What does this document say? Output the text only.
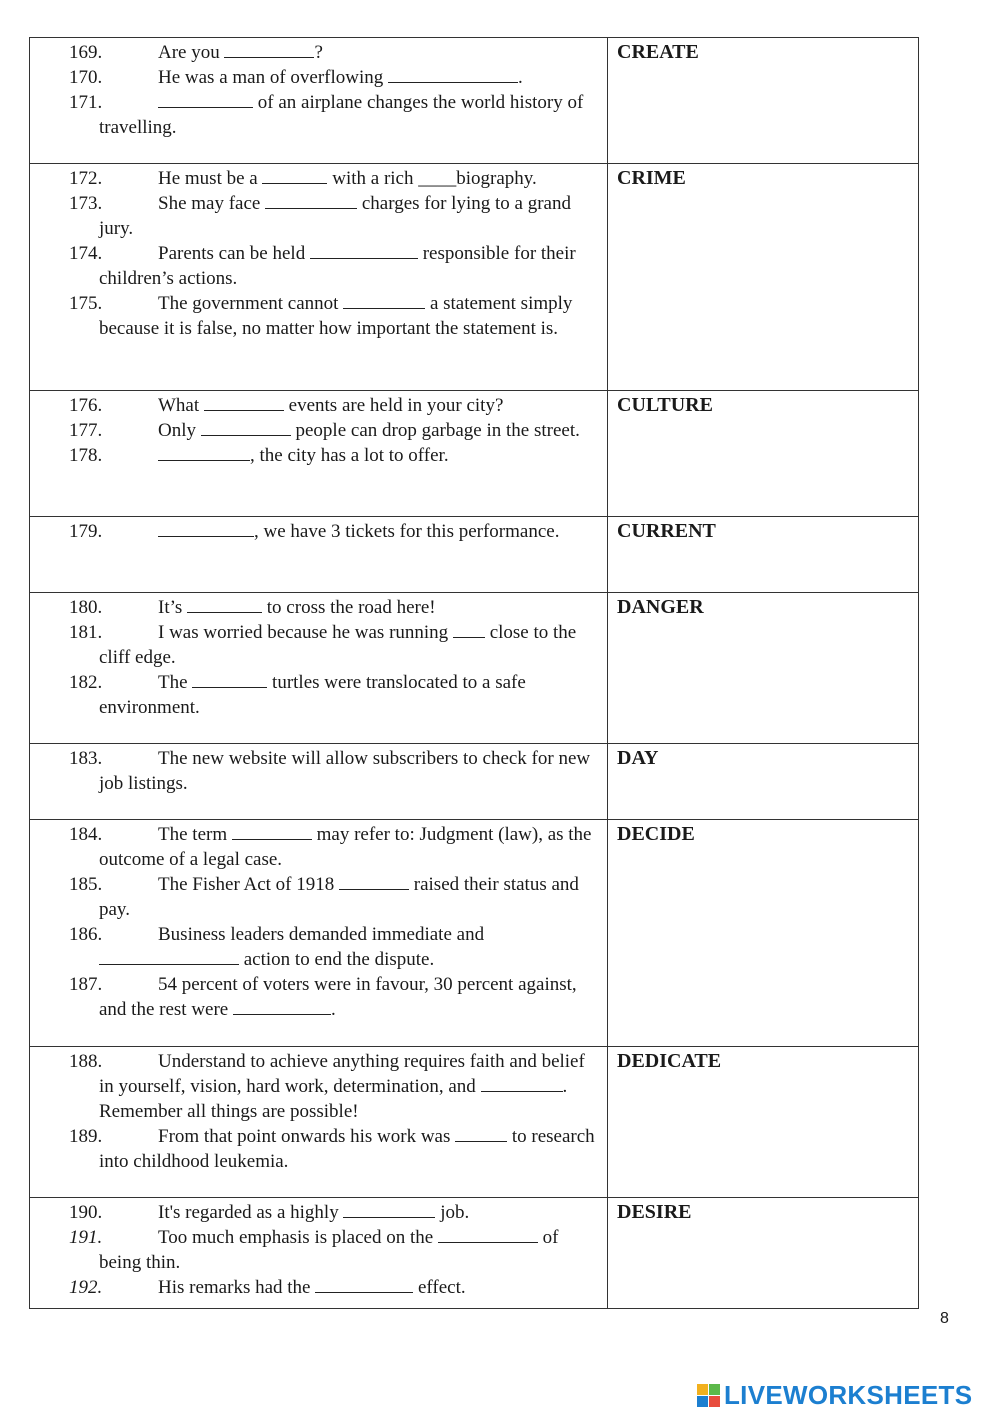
169. Are you ?
170. He was a man of overflowing .
171. of an airplane changes the world history of travelling.	CREATE

172. He must be a with a rich ____biography.
173. She may face charges for lying to a grand jury.
174. Parents can be held responsible for their children’s actions.
175. The government cannot a statement simply because it is false, no matter how important the statement is.	CRIME

176. What events are held in your city?
177. Only people can drop garbage in the street.
178. , the city has a lot to offer.	CULTURE

179. , we have 3 tickets for this performance.	CURRENT

180. It’s to cross the road here!
181. I was worried because he was running close to the cliff edge.
182. The turtles were translocated to a safe environment.	DANGER

183. The new website will allow subscribers to check for new job listings.	DAY

184. The term may refer to: Judgment (law), as the outcome of a legal case.
185. The Fisher Act of 1918 raised their status and pay.
186. Business leaders demanded immediate and  action to end the dispute.
187. 54 percent of voters were in favour, 30 percent against, and the rest were .	DECIDE

188. Understand to achieve anything requires faith and belief in yourself, vision, hard work, determination, and . Remember all things are possible!
189. From that point onwards his work was to research into childhood leukemia.	DEDICATE

190. It's regarded as a highly job.
191. Too much emphasis is placed on the of being thin.
192. His remarks had the effect.	DESIRE
8
LIVEWORKSHEETS
